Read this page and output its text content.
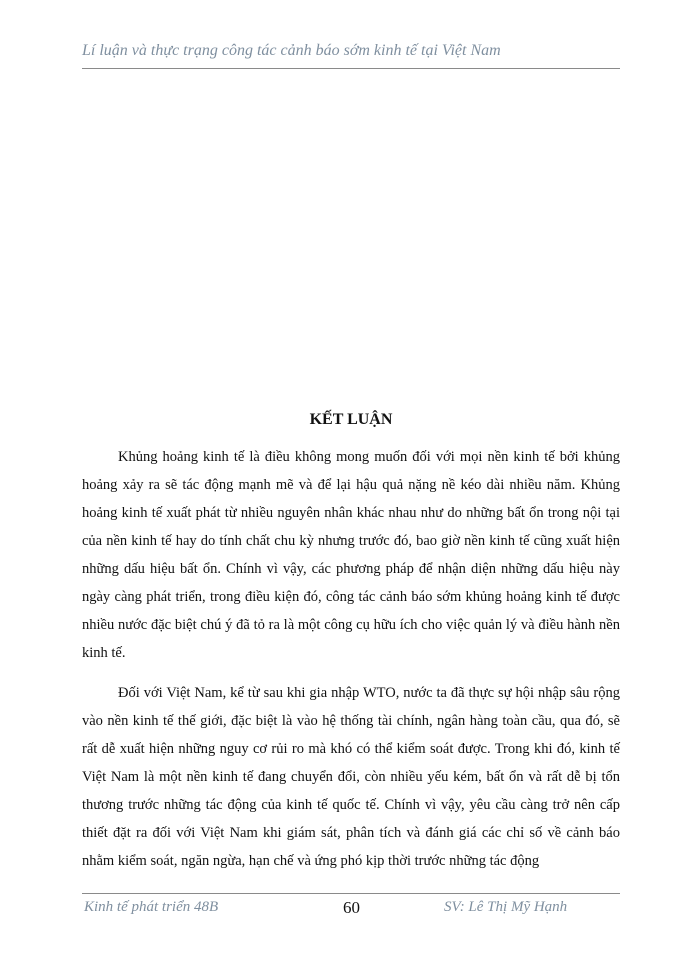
Lí luận và thực trạng công tác cảnh báo sớm kinh tế tại Việt Nam
KẾT LUẬN

Khủng hoảng kinh tế là điều không mong muốn đối với mọi nền kinh tế bởi khủng hoảng xảy ra sẽ tác động mạnh mẽ và để lại hậu quả nặng nề kéo dài nhiều năm. Khủng hoảng kinh tế xuất phát từ nhiều nguyên nhân khác nhau như do những bất ổn trong nội tại của nền kinh tế hay do tính chất chu kỳ nhưng trước đó, bao giờ nền kinh tế cũng xuất hiện những dấu hiệu bất ổn. Chính vì vậy, các phương pháp để nhận diện những dấu hiệu này ngày càng phát triển, trong điều kiện đó, công tác cảnh báo sớm khủng hoảng kinh tế được nhiều nước đặc biệt chú ý đã tỏ ra là một công cụ hữu ích cho việc quản lý và điều hành nền kinh tế.

Đối với Việt Nam, kể từ sau khi gia nhập WTO, nước ta đã thực sự hội nhập sâu rộng vào nền kinh tế thế giới, đặc biệt là vào hệ thống tài chính, ngân hàng toàn cầu, qua đó, sẽ rất dễ xuất hiện những nguy cơ rủi ro mà khó có thể kiểm soát được. Trong khi đó, kinh tế Việt Nam là một nền kinh tế đang chuyển đổi, còn nhiều yếu kém, bất ổn và rất dễ bị tổn thương trước những tác động của kinh tế quốc tế. Chính vì vậy, yêu cầu càng trở nên cấp thiết đặt ra đối với Việt Nam khi giám sát, phân tích và đánh giá các chỉ số về cảnh báo nhằm kiểm soát, ngăn ngừa, hạn chế và ứng phó kịp thời trước những tác động

Kinh tế phát triển 48B	60	SV: Lê Thị Mỹ Hạnh
